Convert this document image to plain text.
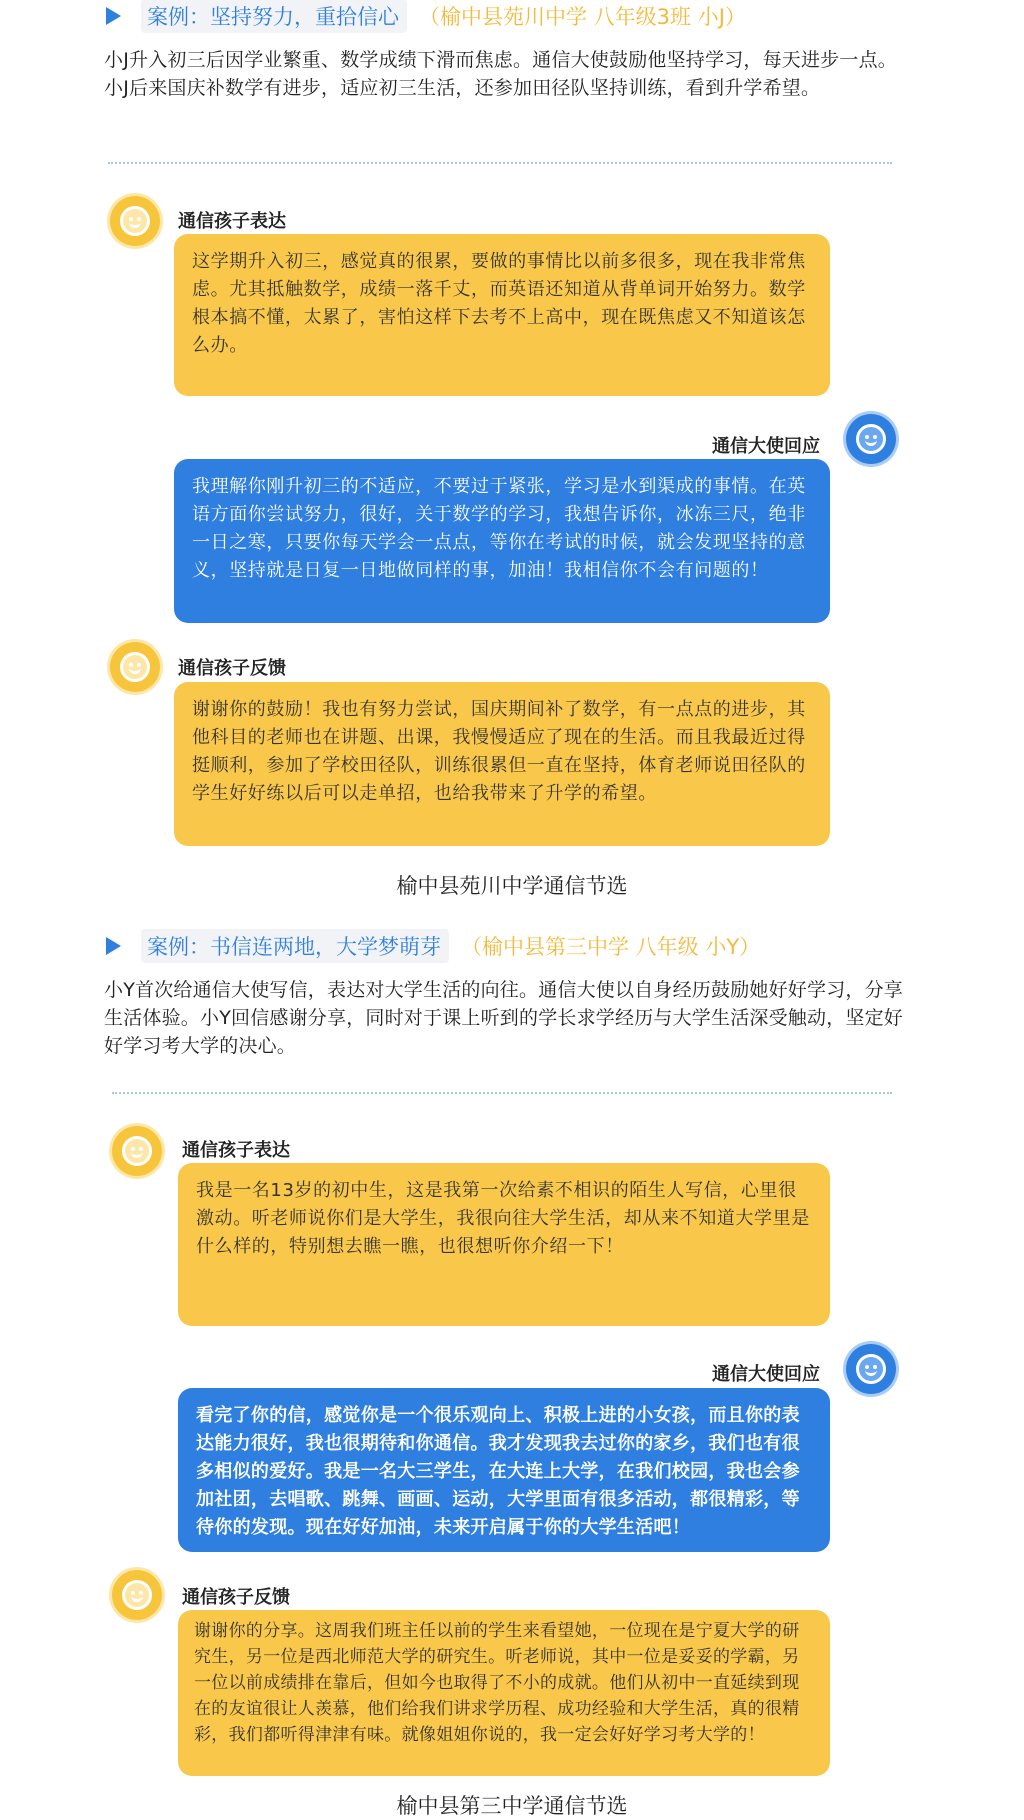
案例：坚持努力，重拾信心 （榆中县苑川中学 八年级3班 小J）
小J升入初三后因学业繁重、数学成绩下滑而焦虑。通信大使鼓励他坚持学习，每天进步一点。小J后来国庆补数学有进步，适应初三生活，还参加田径队坚持训练，看到升学希望。
通信孩子表达
这学期升入初三，感觉真的很累，要做的事情比以前多很多，现在我非常焦虑。尤其抵触数学，成绩一落千丈，而英语还知道从背单词开始努力。数学根本搞不懂，太累了，害怕这样下去考不上高中，现在既焦虑又不知道该怎么办。
通信大使回应
我理解你刚升初三的不适应，不要过于紧张，学习是水到渠成的事情。在英语方面你尝试努力，很好，关于数学的学习，我想告诉你，冰冻三尺，绝非一日之寒，只要你每天学会一点点，等你在考试的时候，就会发现坚持的意义，坚持就是日复一日地做同样的事，加油！我相信你不会有问题的！
通信孩子反馈
谢谢你的鼓励！我也有努力尝试，国庆期间补了数学，有一点点的进步，其他科目的老师也在讲题、出课，我慢慢适应了现在的生活。而且我最近过得挺顺利，参加了学校田径队，训练很累但一直在坚持，体育老师说田径队的学生好好练以后可以走单招，也给我带来了升学的希望。
榆中县苑川中学通信节选
案例：书信连两地，大学梦萌芽 （榆中县第三中学 八年级 小Y）
小Y首次给通信大使写信，表达对大学生活的向往。通信大使以自身经历鼓励她好好学习，分享生活体验。小Y回信感谢分享，同时对于课上听到的学长求学经历与大学生活深受触动，坚定好好学习考大学的决心。
通信孩子表达
我是一名13岁的初中生，这是我第一次给素不相识的陌生人写信，心里很激动。听老师说你们是大学生，我很向往大学生活，却从来不知道大学里是什么样的，特别想去瞧一瞧，也很想听你介绍一下！
通信大使回应
看完了你的信，感觉你是一个很乐观向上、积极上进的小女孩，而且你的表达能力很好，我也很期待和你通信。我才发现我去过你的家乡，我们也有很多相似的爱好。我是一名大三学生，在大连上大学，在我们校园，我也会参加社团，去唱歌、跳舞、画画、运动，大学里面有很多活动，都很精彩，等待你的发现。现在好好加油，未来开启属于你的大学生活吧！
通信孩子反馈
谢谢你的分享。这周我们班主任以前的学生来看望她，一位现在是宁夏大学的研究生，另一位是西北师范大学的研究生。听老师说，其中一位是妥妥的学霸，另一位以前成绩排在靠后，但如今也取得了不小的成就。他们从初中一直延续到现在的友谊很让人羡慕，他们给我们讲求学历程、成功经验和大学生活，真的很精彩，我们都听得津津有味。就像姐姐你说的，我一定会好好学习考大学的！
榆中县第三中学通信节选
